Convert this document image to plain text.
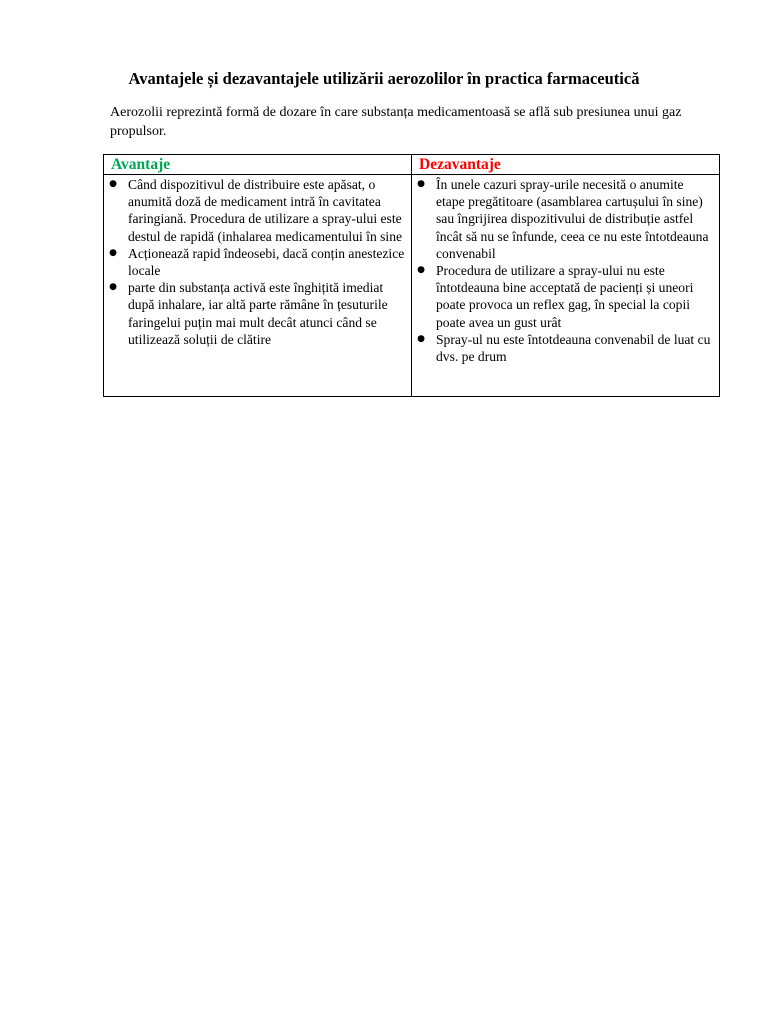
Avantajele și dezavantajele utilizării aerozolilor în practica farmaceutică
Aerozolii reprezintă formă de dozare în care substanța medicamentoasă se află sub presiunea unui gaz propulsor.
Avantaje	Dezavantaje
● Când dispozitivul de distribuire este apăsat, o anumită doză de medicament intră în cavitatea faringiană. Procedura de utilizare a spray-ului este destul de rapidă (inhalarea medicamentului în sine
● Acționează rapid îndeosebi, dacă conțin anestezice locale
● parte din substanța activă este înghițită imediat după inhalare, iar altă parte rămâne în țesuturile faringelui puțin mai mult decât atunci când se utilizează soluții de clătire
● În unele cazuri spray-urile necesită o anumite etape pregătitoare (asamblarea cartușului în sine) sau îngrijirea dispozitivului de distribuție astfel încât să nu se înfunde, ceea ce nu este întotdeauna convenabil
● Procedura de utilizare a spray-ului nu este întotdeauna bine acceptată de pacienți și uneori poate provoca un reflex gag, în special la copii poate avea un gust urât
● Spray-ul nu este întotdeauna convenabil de luat cu dvs. pe drum
